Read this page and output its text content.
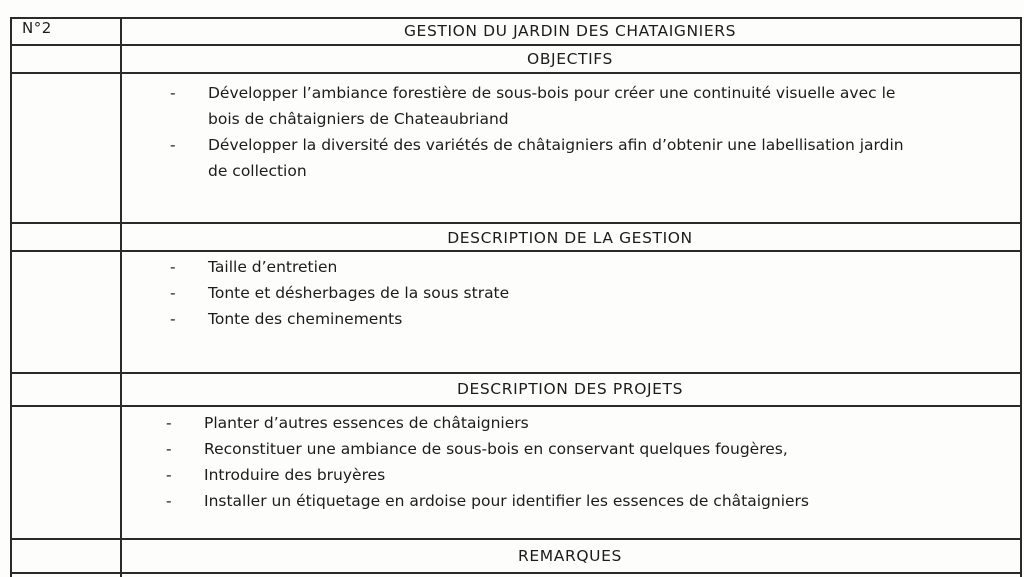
N°2	GESTION DU JARDIN DES CHATAIGNIERS
OBJECTIFS
- Développer l’ambiance forestière de sous-bois pour créer une continuité visuelle avec le
bois de châtaigniers de Chateaubriand
- Développer la diversité des variétés de châtaigniers afin d’obtenir une labellisation jardin
de collection
DESCRIPTION DE LA GESTION
- Taille d’entretien
- Tonte et désherbages de la sous strate
- Tonte des cheminements
DESCRIPTION DES PROJETS
- Planter d’autres essences de châtaigniers
- Reconstituer une ambiance de sous-bois en conservant quelques fougères,
- Introduire des bruyères
- Installer un étiquetage en ardoise pour identifier les essences de châtaigniers
REMARQUES
